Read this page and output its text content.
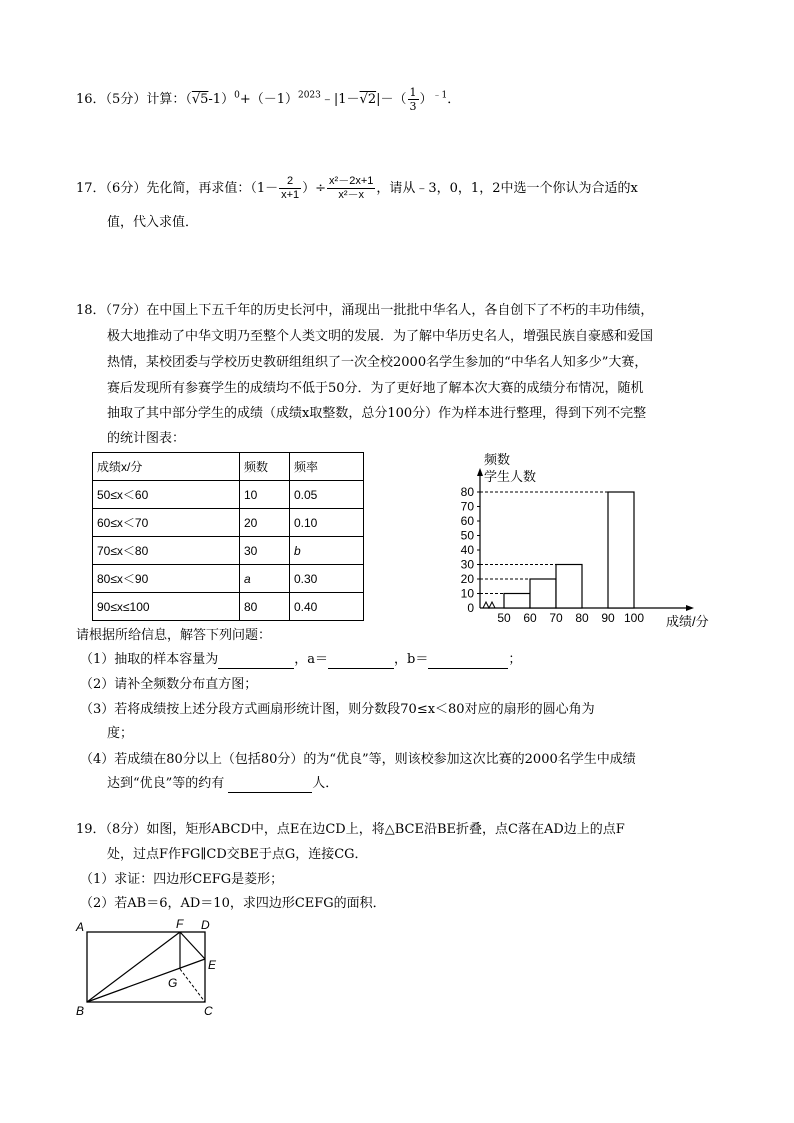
16．（5分）计算：$(√5-1)^0+(-1)^{2023}﹣|1-√2|-( \frac{1}{3} )^{﹣1}$．
17．（6分）先化简，再求值：（$1- \frac{2}{x+1}$ ）÷ $\frac{\text{x²－2x+1}}{\text{x²－x}}$ ，请从﹣3，0，1，2中选一个你认为合适的x
值，代入求值．
18．（7分）在中国上下五千年的历史长河中，涌现出一批批中华名人，各自创下了不朽的丰功伟绩，
极大地推动了中华文明乃至整个人类文明的发展．为了解中华历史名人，增强民族自豪感和爱国
热情，某校团委与学校历史教研组组织了一次全校2000名学生参加的“中华名人知多少”大赛，
赛后发现所有参赛学生的成绩均不低于50分．为了更好地了解本次大赛的成绩分布情况，随机
抽取了其中部分学生的成绩（成绩x取整数，总分100分）作为样本进行整理，得到下列不完整
的统计图表：
成绩x/分	频数	频率
50≤x＜60	10	0.05
60≤x＜70	20	0.10
70≤x＜80	30	b
80≤x＜90	a	0.30
90≤x≤100	80	0.40	0
10
20
30
40
50
60
70
80
50 60 70 80 90 100
频数
学生人数
成绩/分
请根据所给信息，解答下列问题：
（1）抽取的样本容量为	，a＝	，b＝	；
（2）请补全频数分布直方图；
（3）若将成绩按上述分段方式画扇形统计图，则分数段70≤x＜80对应的扇形的圆心角为
度；
（4）若成绩在80分以上（包括80分）的为“优良”等，则该校参加这次比赛的2000名学生中成绩
达到“优良”等的约有	人．
19．（8分）如图，矩形ABCD中，点E在边CD上，将△BCE沿BE折叠，点C落在AD边上的点F
处，过点F作FG∥CD交BE于点G，连接CG．
（1）求证：四边形CEFG是菱形；
（2）若AB＝6，AD＝10，求四边形CEFG的面积．
A
B	C
D
E
F
G
